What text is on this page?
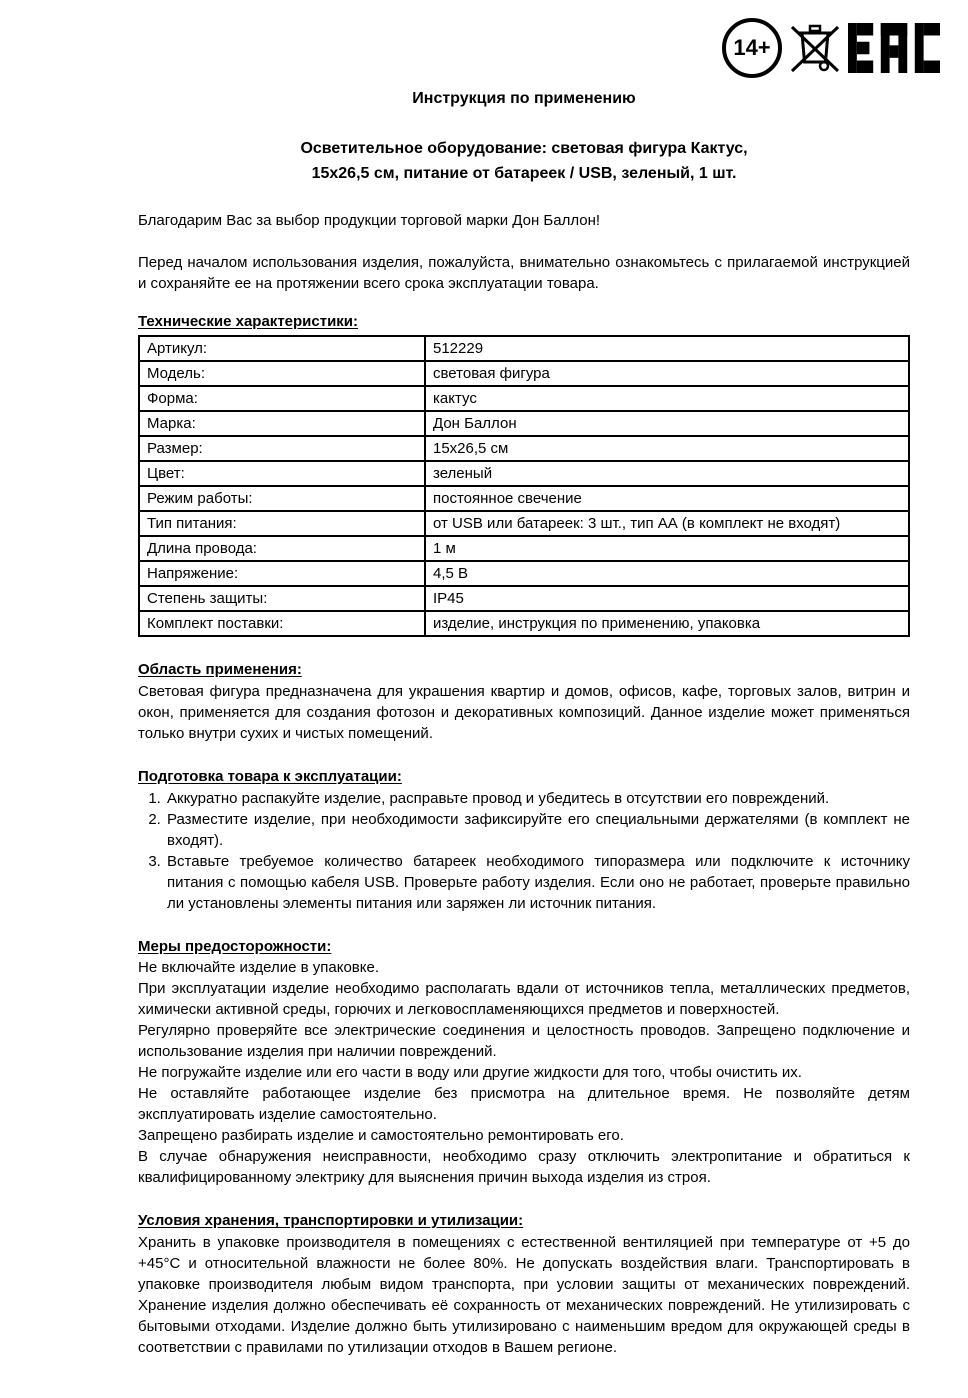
14+
Инструкция по применению
Осветительное оборудование: световая фигура Кактус,
15х26,5 см, питание от батареек / USB, зеленый, 1 шт.

Благодарим Вас за выбор продукции торговой марки Дон Баллон!

Перед началом использования изделия, пожалуйста, внимательно ознакомьтесь с прилагаемой инструкцией и сохраняйте ее на протяжении всего срока эксплуатации товара.

Технические характеристики:
Артикул:	512229
Модель:	световая фигура
Форма:	кактус
Марка:	Дон Баллон
Размер:	15х26,5 см
Цвет:	зеленый
Режим работы:	постоянное свечение
Тип питания:	от USB или батареек: 3 шт., тип АА (в комплект не входят)
Длина провода:	1 м
Напряжение:	4,5 В
Степень защиты:	IP45
Комплект поставки:	изделие, инструкция по применению, упаковка
Область применения:

Световая фигура предназначена для украшения квартир и домов, офисов, кафе, торговых залов, витрин и окон, применяется для создания фотозон и декоративных композиций. Данное изделие может применяться только внутри сухих и чистых помещений.

Подготовка товара к эксплуатации:
1. Аккуратно распакуйте изделие, расправьте провод и убедитесь в отсутствии его повреждений.
2. Разместите изделие, при необходимости зафиксируйте его специальными держателями (в комплект не входят).
3. Вставьте требуемое количество батареек необходимого типоразмера или подключите к источнику питания с помощью кабеля USB. Проверьте работу изделия. Если оно не работает, проверьте правильно ли установлены элементы питания или заряжен ли источник питания.
Меры предосторожности:

Не включайте изделие в упаковке.

При эксплуатации изделие необходимо располагать вдали от источников тепла, металлических предметов, химически активной среды, горючих и легковоспламеняющихся предметов и поверхностей.

Регулярно проверяйте все электрические соединения и целостность проводов. Запрещено подключение и использование изделия при наличии повреждений.

Не погружайте изделие или его части в воду или другие жидкости для того, чтобы очистить их.

Не оставляйте работающее изделие без присмотра на длительное время. Не позволяйте детям эксплуатировать изделие самостоятельно.

Запрещено разбирать изделие и самостоятельно ремонтировать его.

В случае обнаружения неисправности, необходимо сразу отключить электропитание и обратиться к квалифицированному электрику для выяснения причин выхода изделия из строя.

Условия хранения, транспортировки и утилизации:

Хранить в упаковке производителя в помещениях с естественной вентиляцией при температуре от +5 до +45°С и относительной влажности не более 80%. Не допускать воздействия влаги. Транспортировать в упаковке производителя любым видом транспорта, при условии защиты от механических повреждений. Хранение изделия должно обеспечивать её сохранность от механических повреждений. Не утилизировать с бытовыми отходами. Изделие должно быть утилизировано с наименьшим вредом для окружающей среды в соответствии с правилами по утилизации отходов в Вашем регионе.
